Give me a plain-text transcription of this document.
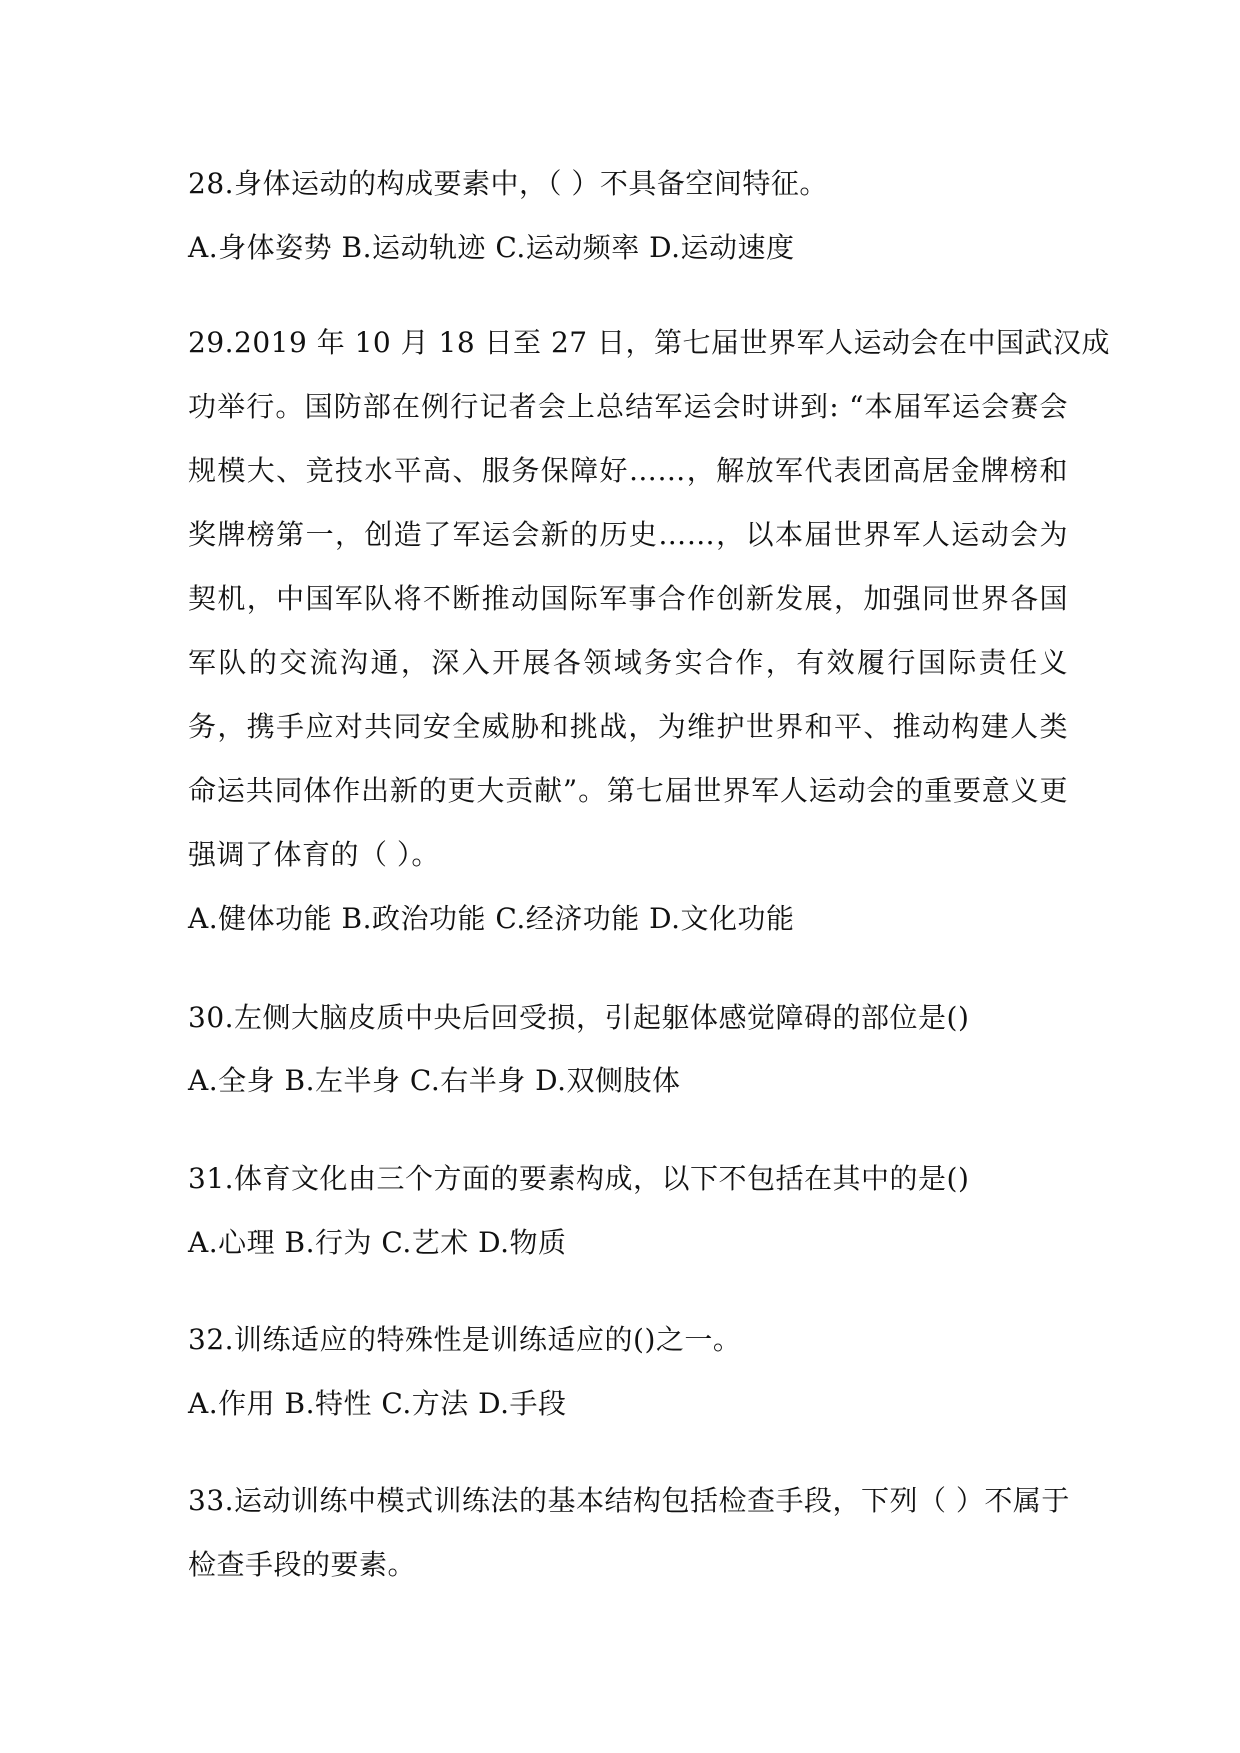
28.身体运动的构成要素中，（ ）不具备空间特征。
A.身体姿势 B.运动轨迹 C.运动频率 D.运动速度
29.2019 年 10 月 18 日至 27 日，第七届世界军人运动会在中国武汉成
功举行。国防部在例行记者会上总结军运会时讲到: “本届军运会赛会
规模大、竞技水平高、服务保障好……，解放军代表团高居金牌榜和
奖牌榜第一，创造了军运会新的历史……，以本届世界军人运动会为
契机，中国军队将不断推动国际军事合作创新发展，加强同世界各国
军队的交流沟通，深入开展各领域务实合作，有效履行国际责任义
务，携手应对共同安全威胁和挑战，为维护世界和平、推动构建人类
命运共同体作出新的更大贡献”。第七届世界军人运动会的重要意义更
强调了体育的（ ）。
A.健体功能 B.政治功能 C.经济功能 D.文化功能
30.左侧大脑皮质中央后回受损，引起躯体感觉障碍的部位是()
A.全身 B.左半身 C.右半身 D.双侧肢体
31.体育文化由三个方面的要素构成，以下不包括在其中的是()
A.心理 B.行为 C.艺术 D.物质
32.训练适应的特殊性是训练适应的()之一。
A.作用 B.特性 C.方法 D.手段
33.运动训练中模式训练法的基本结构包括检查手段，下列（ ）不属于
检查手段的要素。
